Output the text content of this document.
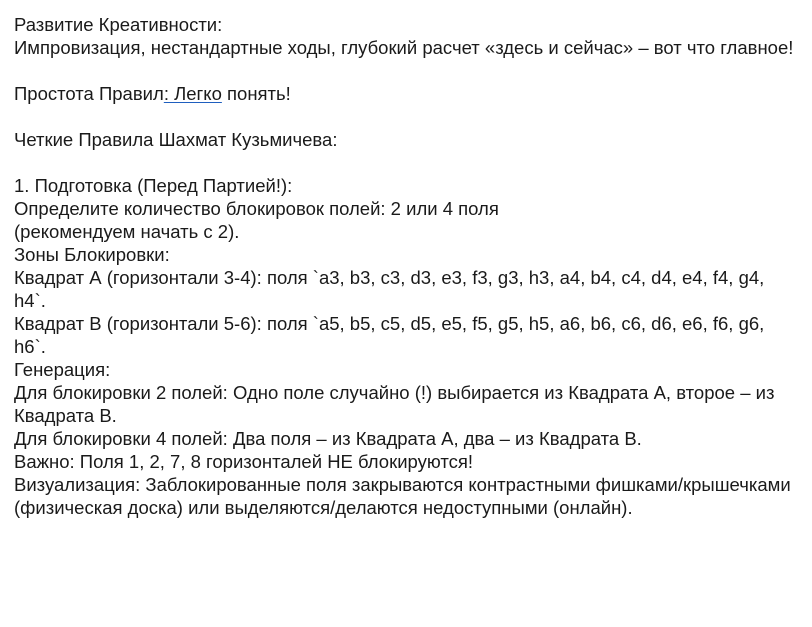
Развитие Креативности:
Импровизация, нестандартные ходы, глубокий расчет «здесь и сейчас» – вот что главное!
Простота Правил: Легко понять!
Четкие Правила Шахмат Кузьмичева:
1. Подготовка (Перед Партией!):
Определите количество блокировок полей: 2 или 4 поля
(рекомендуем начать с 2).
Зоны Блокировки:
Квадрат А (горизонтали 3-4): поля `a3, b3, c3, d3, e3, f3, g3, h3, a4, b4, c4, d4, e4, f4, g4, h4`.
Квадрат В (горизонтали 5-6): поля `a5, b5, c5, d5, e5, f5, g5, h5, a6, b6, c6, d6, e6, f6, g6, h6`.
Генерация:
Для блокировки 2 полей: Одно поле случайно (!) выбирается из Квадрата А, второе – из Квадрата В.
Для блокировки 4 полей: Два поля – из Квадрата А, два – из Квадрата В.
Важно: Поля 1, 2, 7, 8 горизонталей НЕ блокируются!
Визуализация: Заблокированные поля закрываются контрастными фишками/крышечками (физическая доска) или выделяются/делаются недоступными (онлайн).
